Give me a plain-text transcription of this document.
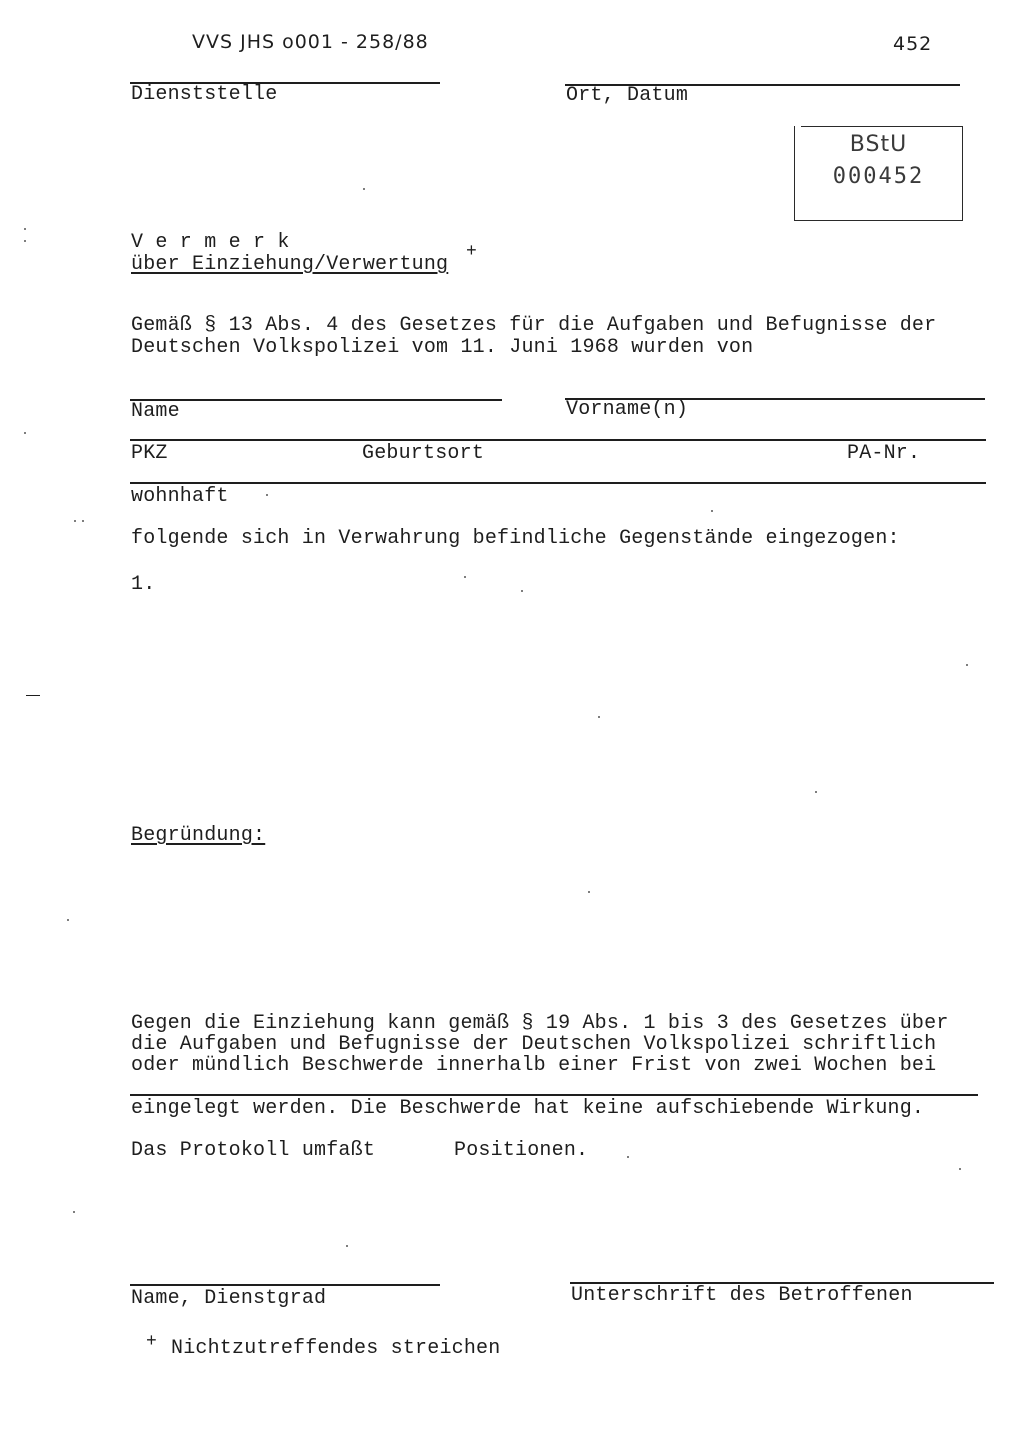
VVS JHS o001 - 258/88	452
Dienststelle	Ort, Datum
BStU
000452
V e r m e r k
über Einziehung/Verwertung
+
Gemäß § 13 Abs. 4 des Gesetzes für die Aufgaben und Befugnisse der
Deutschen Volkspolizei vom 11. Juni 1968 wurden von
Name	Vorname(n)
PKZ	Geburtsort	PA-Nr.
wohnhaft
folgende sich in Verwahrung befindliche Gegenstände eingezogen:
1.
Begründung:
Gegen die Einziehung kann gemäß § 19 Abs. 1 bis 3 des Gesetzes über
die Aufgaben und Befugnisse der Deutschen Volkspolizei schriftlich
oder mündlich Beschwerde innerhalb einer Frist von zwei Wochen bei
eingelegt werden. Die Beschwerde hat keine aufschiebende Wirkung.
Das Protokoll umfaßt	Positionen.
Name, Dienstgrad	Unterschrift des Betroffenen
+ Nichtzutreffendes streichen
